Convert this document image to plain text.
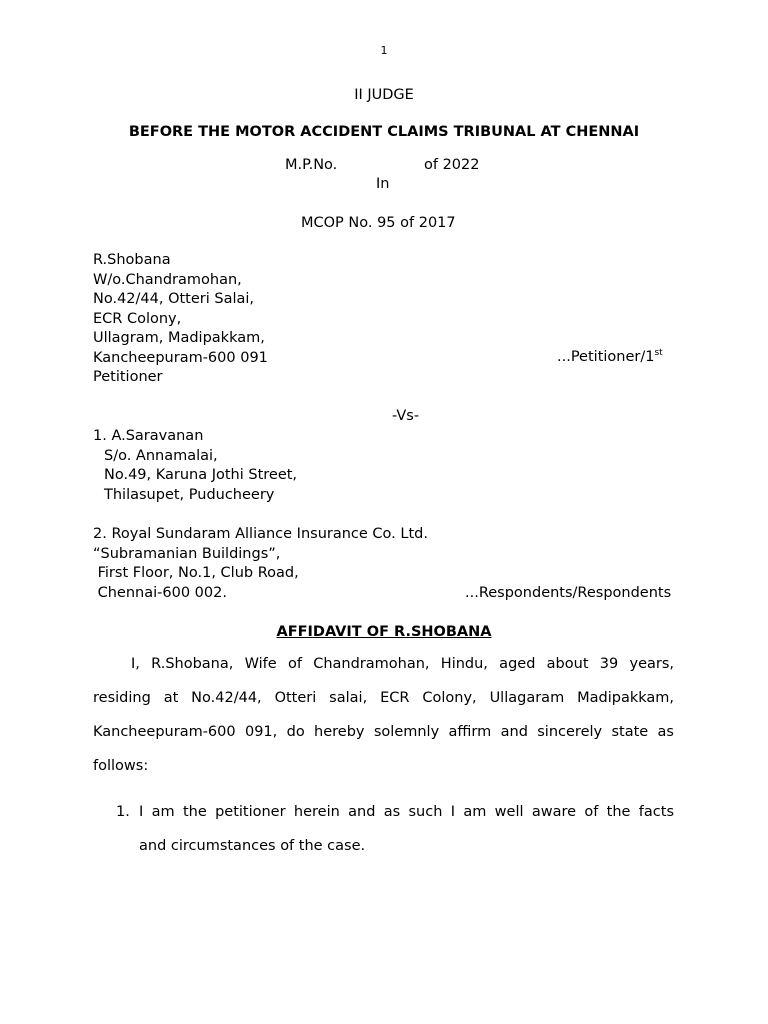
1
II JUDGE
BEFORE THE MOTOR ACCIDENT CLAIMS TRIBUNAL AT CHENNAI
M.P.No.	of 2022
In
MCOP No. 95 of 2017
R.Shobana
W/o.Chandramohan,
No.42/44, Otteri Salai,
ECR Colony,
Ullagram, Madipakkam,
Kancheepuram-600 091
Petitioner
...Petitioner/1st
-Vs-
1. A.Saravanan
S/o. Annamalai,
No.49, Karuna Jothi Street,
Thilasupet, Puducheery
2. Royal Sundaram Alliance Insurance Co. Ltd.
“Subramanian Buildings”,
First Floor, No.1, Club Road,
Chennai-600 002.	...Respondents/Respondents
AFFIDAVIT OF R.SHOBANA
I, R.Shobana, Wife of Chandramohan, Hindu, aged about 39 years,
residing at No.42/44, Otteri salai, ECR Colony, Ullagaram Madipakkam,
Kancheepuram-600 091, do hereby solemnly affirm and sincerely state as
follows:
1. I am the petitioner herein and as such I am well aware of the facts
and circumstances of the case.
